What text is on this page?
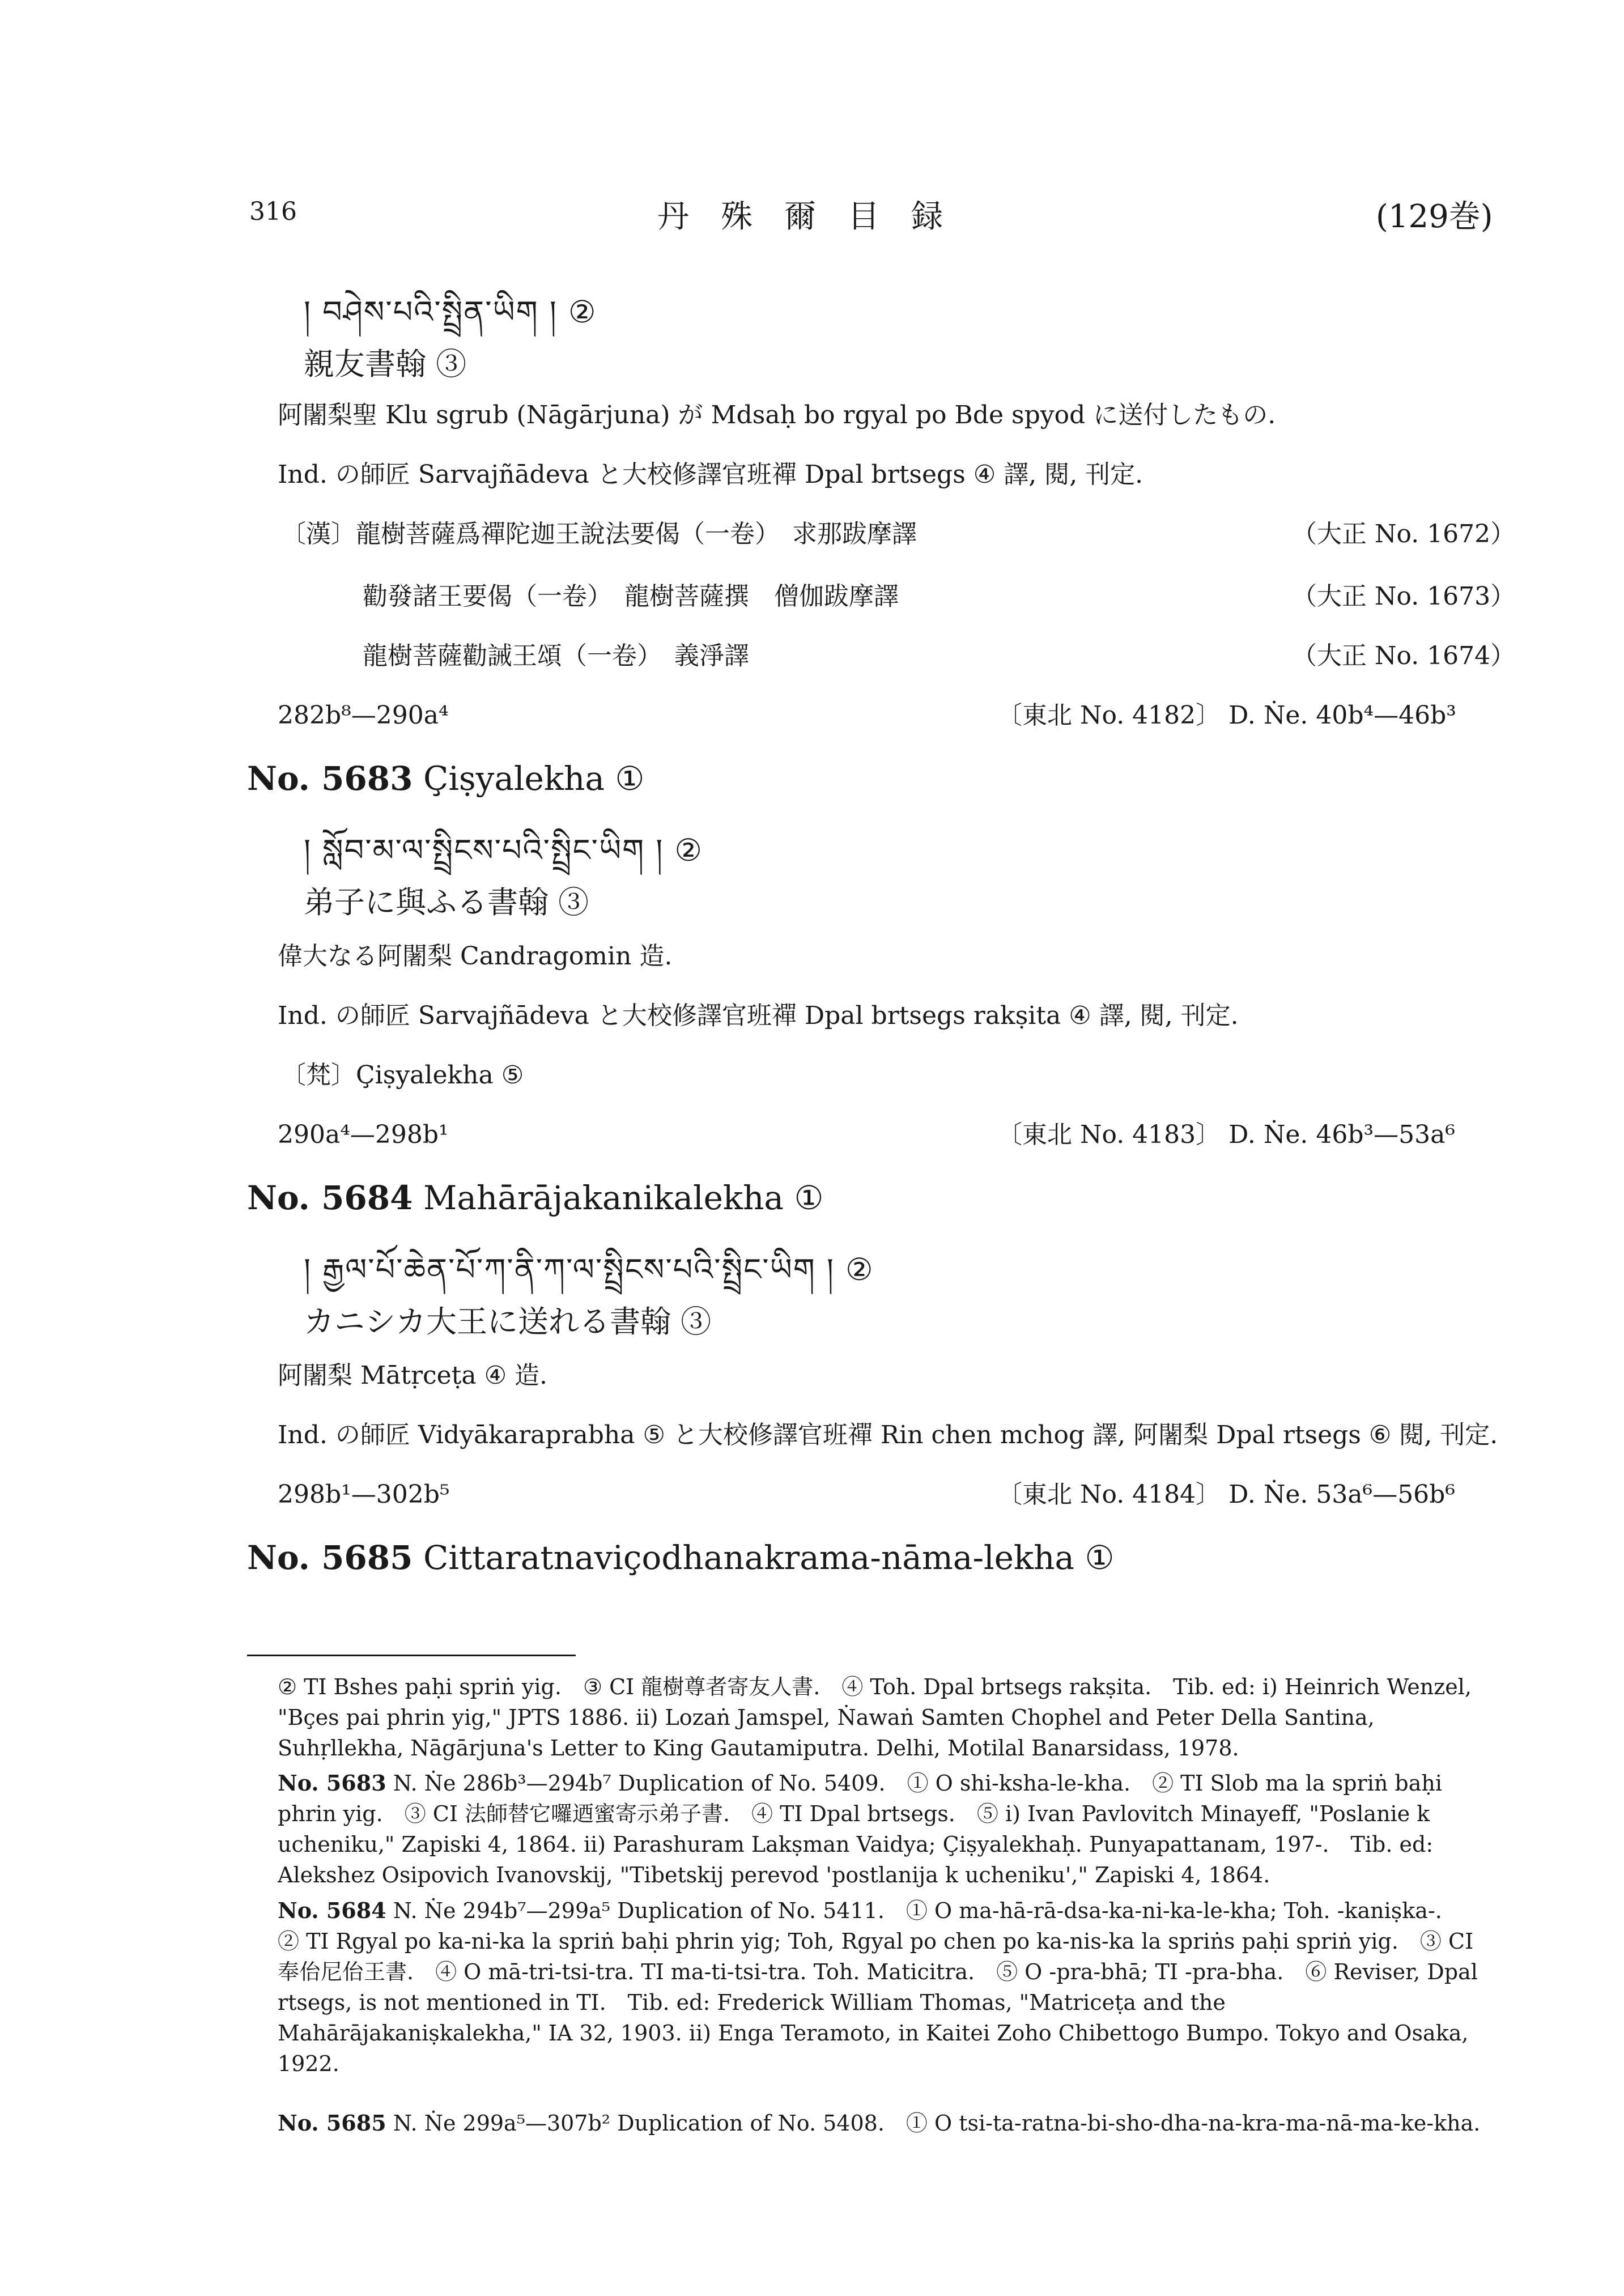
316	丹　殊　爾　目　録	(129巻)
། བཤེས་པའི་སྤྲིན་ཡིག ། ②
親友書翰 ③
阿闍梨聖 Klu sgrub (Nāgārjuna) が Mdsaḥ bo rgyal po Bde spyod に送付したもの.
Ind. の師匠 Sarvajñādeva と大校修譯官班禪 Dpal brtsegs ④ 譯, 閱, 刊定.
〔漢〕龍樹菩薩爲禪陀迦王說法要偈（一卷）　求那跋摩譯	（大正 No. 1672）
勸發諸王要偈（一卷）　龍樹菩薩撰　僧伽跋摩譯	（大正 No. 1673）
龍樹菩薩勸誡王頌（一卷）　義淨譯	（大正 No. 1674）
282b⁸—290a⁴	〔東北 No. 4182〕 D. Ṅe. 40b⁴—46b³
No. 5683 Çiṣyalekha ①
། སློབ་མ་ལ་སྤྲིངས་པའི་སྤྲིང་ཡིག ། ②
弟子に與ふる書翰 ③
偉大なる阿闍梨 Candragomin 造.
Ind. の師匠 Sarvajñādeva と大校修譯官班禪 Dpal brtsegs rakṣita ④ 譯, 閱, 刊定.
〔梵〕Çiṣyalekha ⑤
290a⁴—298b¹	〔東北 No. 4183〕 D. Ṅe. 46b³—53a⁶
No. 5684 Mahārājakanikalekha ①
། རྒྱལ་པོ་ཆེན་པོ་ཀ་ནི་ཀ་ལ་སྤྲིངས་པའི་སྤྲིང་ཡིག ། ②
カニシカ大王に送れる書翰 ③
阿闍梨 Mātṛceṭa ④ 造.
Ind. の師匠 Vidyākaraprabha ⑤ と大校修譯官班禪 Rin chen mchog 譯, 阿闍梨 Dpal rtsegs ⑥ 閱, 刊定.
298b¹—302b⁵	〔東北 No. 4184〕 D. Ṅe. 53a⁶—56b⁶
No. 5685 Cittaratnaviçodhanakrama-nāma-lekha ①
② TI Bshes paḥi spriṅ yig.　③ CI 龍樹尊者寄友人書.　④ Toh. Dpal brtsegs rakṣita.　Tib. ed: i) Heinrich Wenzel, "Bçes pai phrin yig," JPTS 1886. ii) Lozaṅ Jamspel, Ṅawaṅ Samten Chophel and Peter Della Santina, Suhṛllekha, Nāgārjuna's Letter to King Gautamiputra. Delhi, Motilal Banarsidass, 1978.
No. 5683 N. Ṅe 286b³—294b⁷ Duplication of No. 5409.　① O shi-ksha-le-kha.　② TI Slob ma la spriṅ baḥi phrin yig.　③ CI 法師替它囉迺蜜寄示弟子書.　④ TI Dpal brtsegs.　⑤ i) Ivan Pavlovitch Minayeff, "Poslanie k ucheniku," Zapiski 4, 1864. ii) Parashuram Lakṣman Vaidya; Çiṣyalekhaḥ. Punyapattanam, 197-.　Tib. ed: Alekshez Osipovich Ivanovskij, "Tibetskij perevod 'postlanija k ucheniku'," Zapiski 4, 1864.
No. 5684 N. Ṅe 294b⁷—299a⁵ Duplication of No. 5411.　① O ma-hā-rā-dsa-ka-ni-ka-le-kha; Toh. -kaniṣka-.　② TI Rgyal po ka-ni-ka la spriṅ baḥi phrin yig; Toh, Rgyal po chen po ka-nis-ka la spriṅs paḥi spriṅ yig.　③ CI 奉佁尼佁王書.　④ O mā-tri-tsi-tra. TI ma-ti-tsi-tra. Toh. Maticitra.　⑤ O -pra-bhā; TI -pra-bha.　⑥ Reviser, Dpal rtsegs, is not mentioned in TI.　Tib. ed: Frederick William Thomas, "Matriceṭa and the Mahārājakaniṣkalekha," IA 32, 1903. ii) Enga Teramoto, in Kaitei Zoho Chibettogo Bumpo. Tokyo and Osaka, 1922.
No. 5685 N. Ṅe 299a⁵—307b² Duplication of No. 5408.　① O tsi-ta-ratna-bi-sho-dha-na-kra-ma-nā-ma-ke-kha.
